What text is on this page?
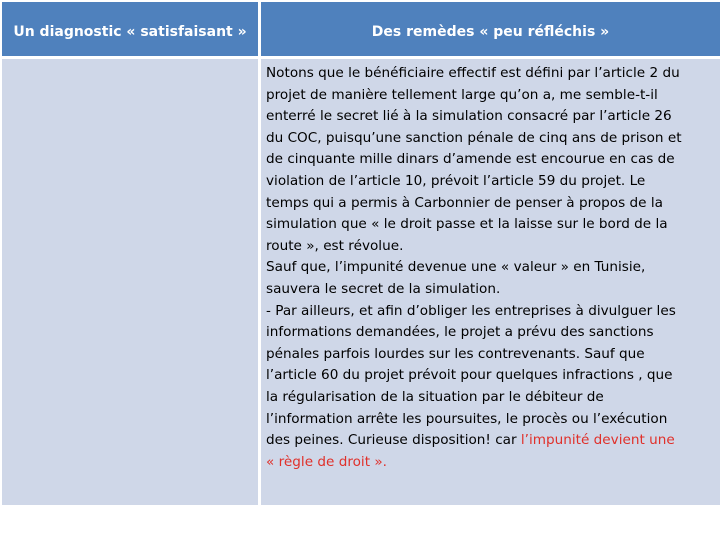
Un diagnostic « satisfaisant »	Des remèdes « peu réfléchis »
Notons que le bénéficiaire effectif est défini par l’article 2 du
projet de manière tellement large qu’on a, me semble-t-il
enterré le secret lié à la simulation consacré par l’article 26
du COC, puisqu’une sanction pénale de cinq ans de prison et
de cinquante mille dinars d’amende est encourue en cas de
violation de l’article 10, prévoit l’article 59 du projet. Le
temps qui a permis à Carbonnier de penser à propos de la
simulation que « le droit passe et la laisse sur le bord de la
route », est révolue.
Sauf que, l’impunité devenue une « valeur » en Tunisie,
sauvera le secret de la simulation.
- Par ailleurs, et afin d’obliger les entreprises à divulguer les
informations demandées, le projet a prévu des sanctions
pénales parfois lourdes sur les contrevenants. Sauf que
l’article 60 du projet prévoit pour quelques infractions , que
la régularisation de la situation par le débiteur de
l’information arrête les poursuites, le procès ou l’exécution
des peines. Curieuse disposition! car l’impunité devient une
« règle de droit ».
